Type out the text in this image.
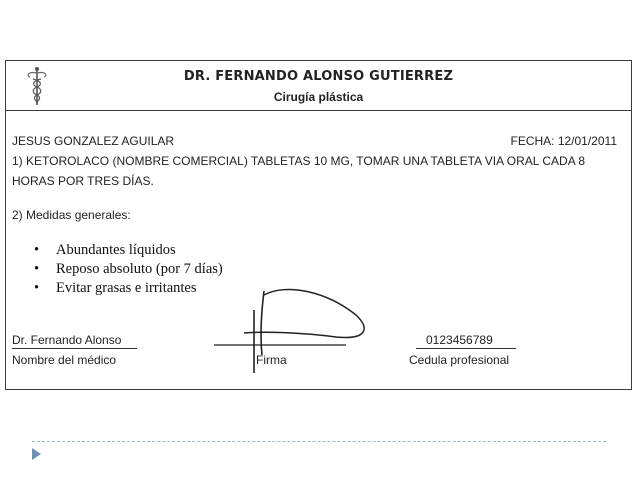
DR. FERNANDO ALONSO GUTIERREZ
Cirugía plástica
JESUS GONZALEZ AGUILAR	FECHA: 12/01/2011
1) KETOROLACO (NOMBRE COMERCIAL) TABLETAS 10 MG, TOMAR UNA TABLETA VIA ORAL CADA 8
HORAS POR TRES DÍAS.
2) Medidas generales:
• Abundantes líquidos
• Reposo absoluto (por 7 días)
• Evitar grasas e irritantes
Dr. Fernando Alonso
Nombre del médico	Firma
0123456789
Cedula profesional
